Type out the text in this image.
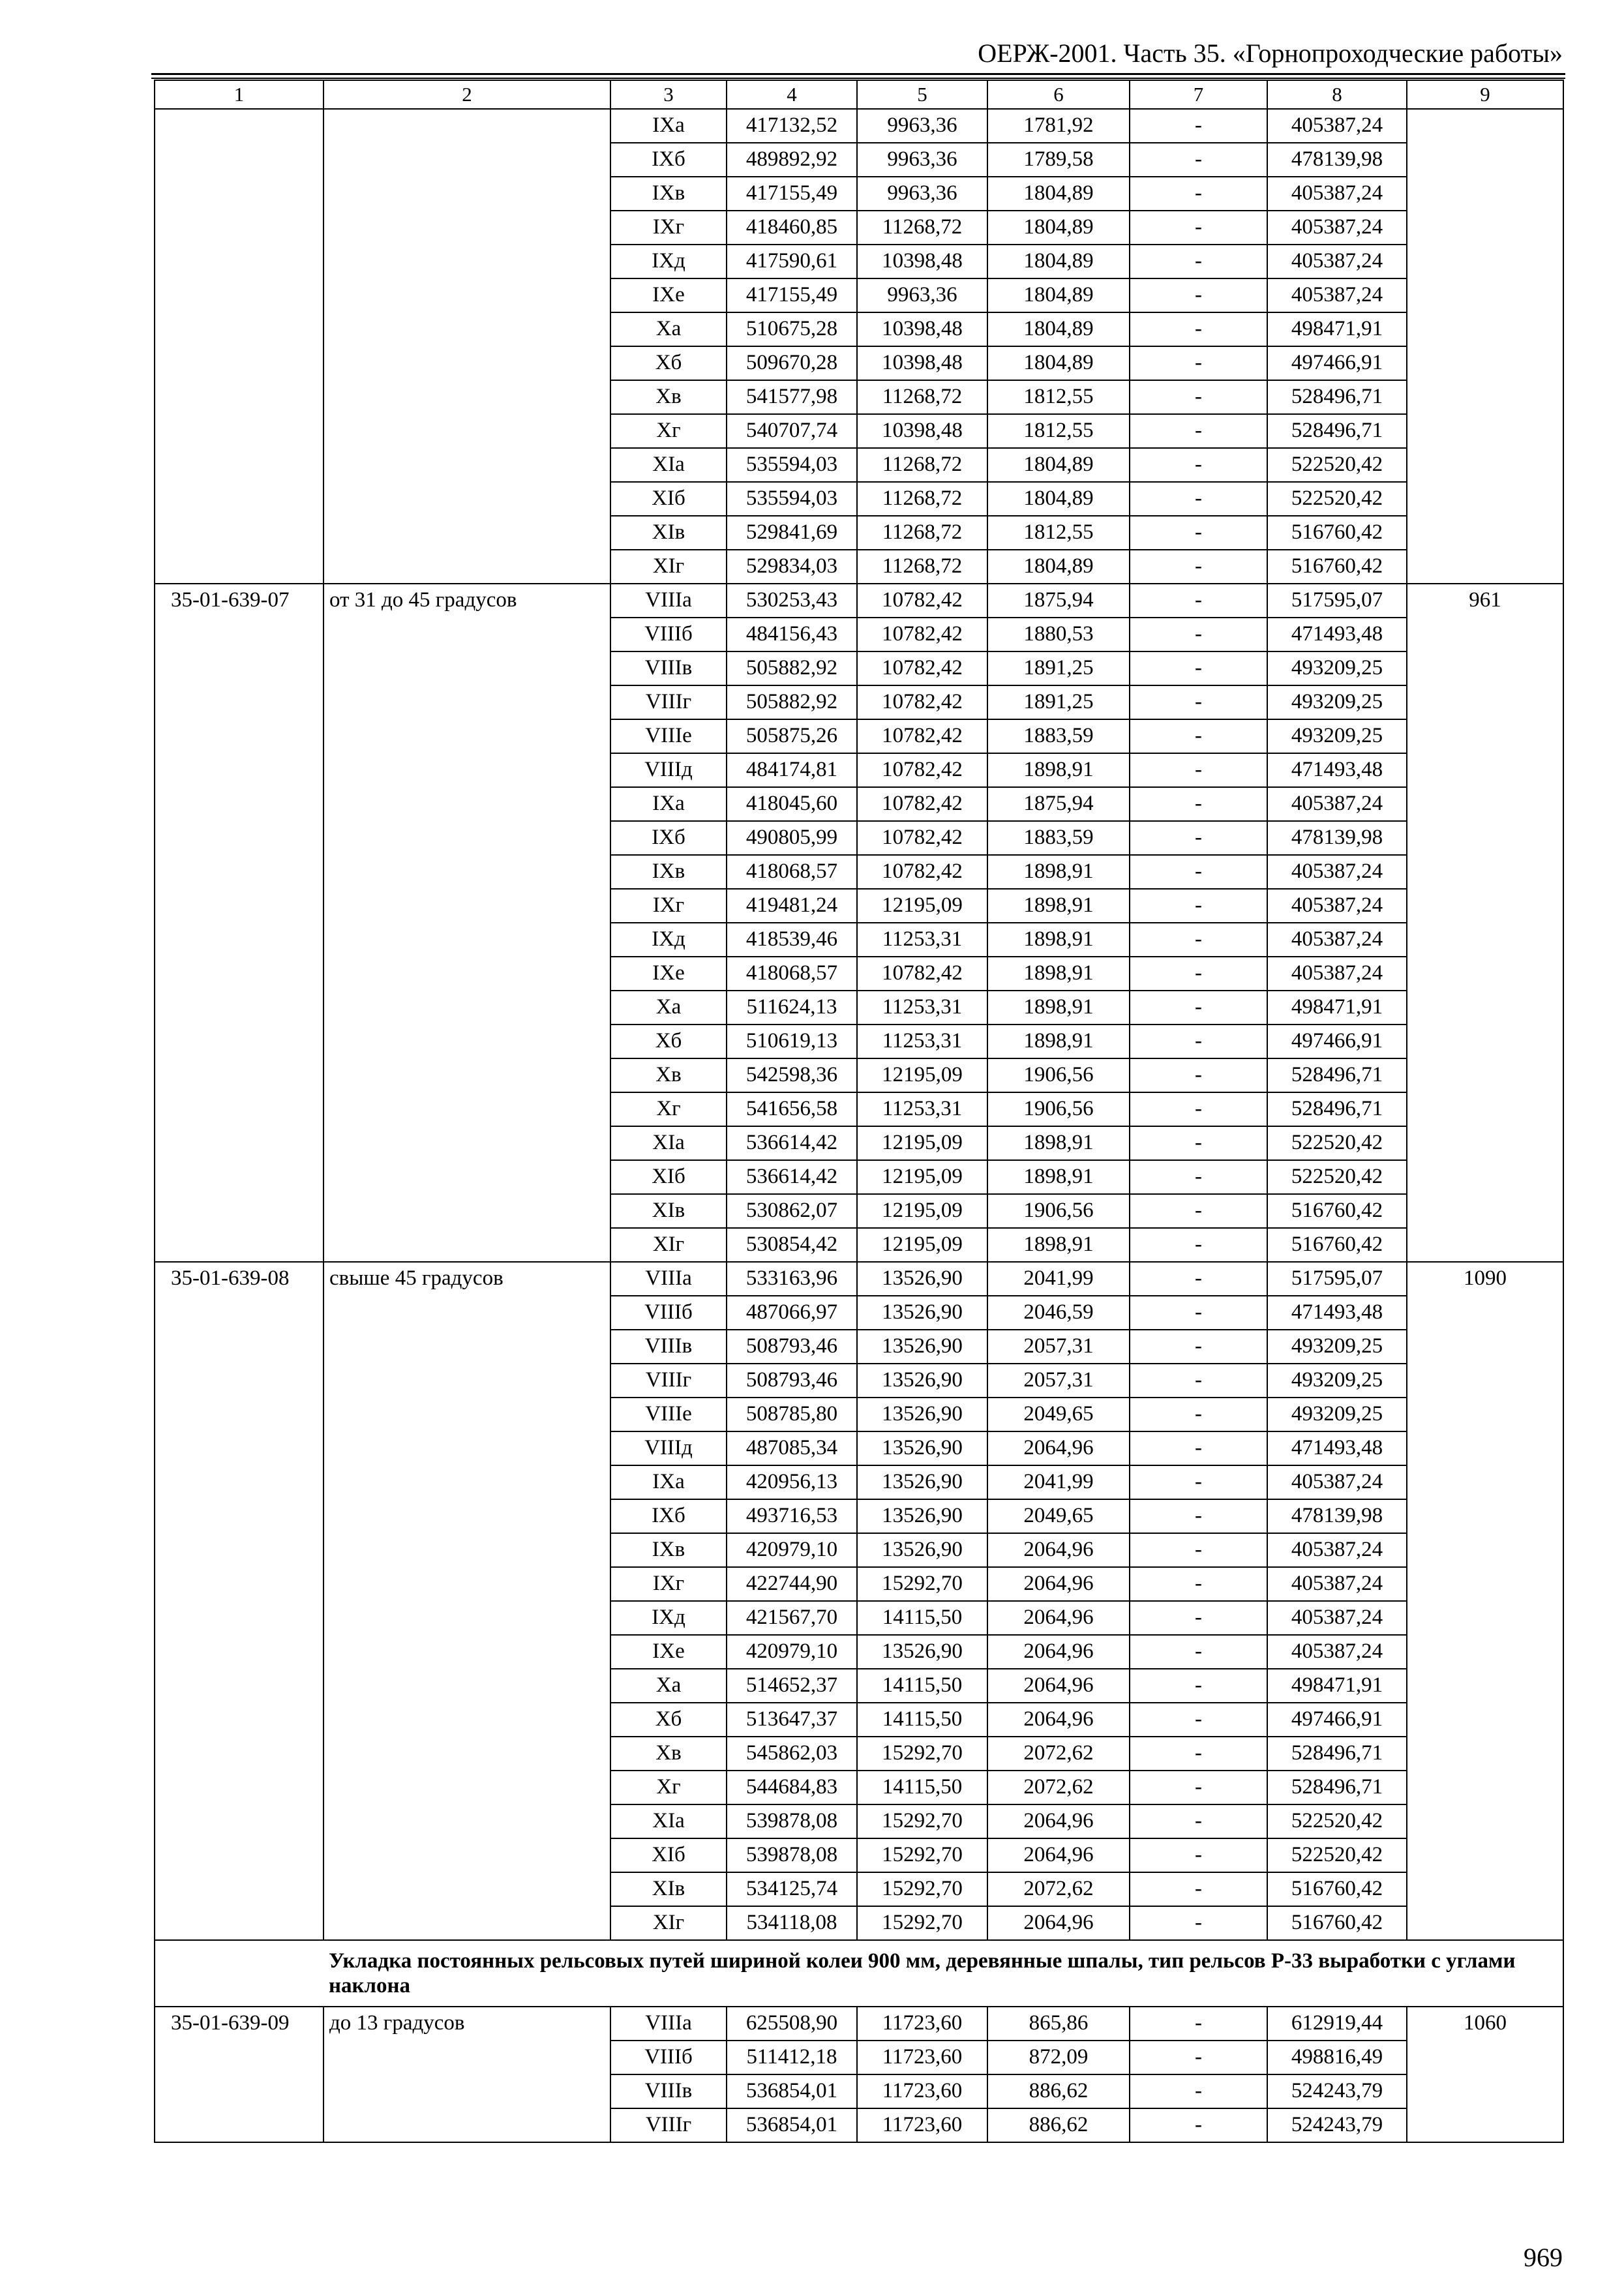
ОЕРЖ-2001. Часть 35. «Горнопроходческие работы»
1	2	3	4	5	6	7	8	9
		IXа	417132,52	9963,36	1781,92	-	405387,24	
		IXб	489892,92	9963,36	1789,58	-	478139,98	
		IXв	417155,49	9963,36	1804,89	-	405387,24	
		IXг	418460,85	11268,72	1804,89	-	405387,24	
		IXд	417590,61	10398,48	1804,89	-	405387,24	
		IXе	417155,49	9963,36	1804,89	-	405387,24	
		Xа	510675,28	10398,48	1804,89	-	498471,91	
		Xб	509670,28	10398,48	1804,89	-	497466,91	
		Xв	541577,98	11268,72	1812,55	-	528496,71	
		Xг	540707,74	10398,48	1812,55	-	528496,71	
		XIа	535594,03	11268,72	1804,89	-	522520,42	
		XIб	535594,03	11268,72	1804,89	-	522520,42	
		XIв	529841,69	11268,72	1812,55	-	516760,42	
		XIг	529834,03	11268,72	1804,89	-	516760,42	
35-01-639-07	от 31 до 45 градусов	VIIIа	530253,43	10782,42	1875,94	-	517595,07	961
		VIIIб	484156,43	10782,42	1880,53	-	471493,48	
		VIIIв	505882,92	10782,42	1891,25	-	493209,25	
		VIIIг	505882,92	10782,42	1891,25	-	493209,25	
		VIIIе	505875,26	10782,42	1883,59	-	493209,25	
		VIIIд	484174,81	10782,42	1898,91	-	471493,48	
		IXа	418045,60	10782,42	1875,94	-	405387,24	
		IXб	490805,99	10782,42	1883,59	-	478139,98	
		IXв	418068,57	10782,42	1898,91	-	405387,24	
		IXг	419481,24	12195,09	1898,91	-	405387,24	
		IXд	418539,46	11253,31	1898,91	-	405387,24	
		IXе	418068,57	10782,42	1898,91	-	405387,24	
		Xа	511624,13	11253,31	1898,91	-	498471,91	
		Xб	510619,13	11253,31	1898,91	-	497466,91	
		Xв	542598,36	12195,09	1906,56	-	528496,71	
		Xг	541656,58	11253,31	1906,56	-	528496,71	
		XIа	536614,42	12195,09	1898,91	-	522520,42	
		XIб	536614,42	12195,09	1898,91	-	522520,42	
		XIв	530862,07	12195,09	1906,56	-	516760,42	
		XIг	530854,42	12195,09	1898,91	-	516760,42	
35-01-639-08	свыше 45 градусов	VIIIа	533163,96	13526,90	2041,99	-	517595,07	1090
		VIIIб	487066,97	13526,90	2046,59	-	471493,48	
		VIIIв	508793,46	13526,90	2057,31	-	493209,25	
		VIIIг	508793,46	13526,90	2057,31	-	493209,25	
		VIIIе	508785,80	13526,90	2049,65	-	493209,25	
		VIIIд	487085,34	13526,90	2064,96	-	471493,48	
		IXа	420956,13	13526,90	2041,99	-	405387,24	
		IXб	493716,53	13526,90	2049,65	-	478139,98	
		IXв	420979,10	13526,90	2064,96	-	405387,24	
		IXг	422744,90	15292,70	2064,96	-	405387,24	
		IXд	421567,70	14115,50	2064,96	-	405387,24	
		IXе	420979,10	13526,90	2064,96	-	405387,24	
		Xа	514652,37	14115,50	2064,96	-	498471,91	
		Xб	513647,37	14115,50	2064,96	-	497466,91	
		Xв	545862,03	15292,70	2072,62	-	528496,71	
		Xг	544684,83	14115,50	2072,62	-	528496,71	
		XIа	539878,08	15292,70	2064,96	-	522520,42	
		XIб	539878,08	15292,70	2064,96	-	522520,42	
		XIв	534125,74	15292,70	2072,62	-	516760,42	
		XIг	534118,08	15292,70	2064,96	-	516760,42	
	Укладка постоянных рельсовых путей шириной колеи 900 мм, деревянные шпалы, тип рельсов Р-33 выработки с углами наклона							
35-01-639-09	до 13 градусов	VIIIа	625508,90	11723,60	865,86	-	612919,44	1060
		VIIIб	511412,18	11723,60	872,09	-	498816,49	
		VIIIв	536854,01	11723,60	886,62	-	524243,79	
		VIIIг	536854,01	11723,60	886,62	-	524243,79	
969
